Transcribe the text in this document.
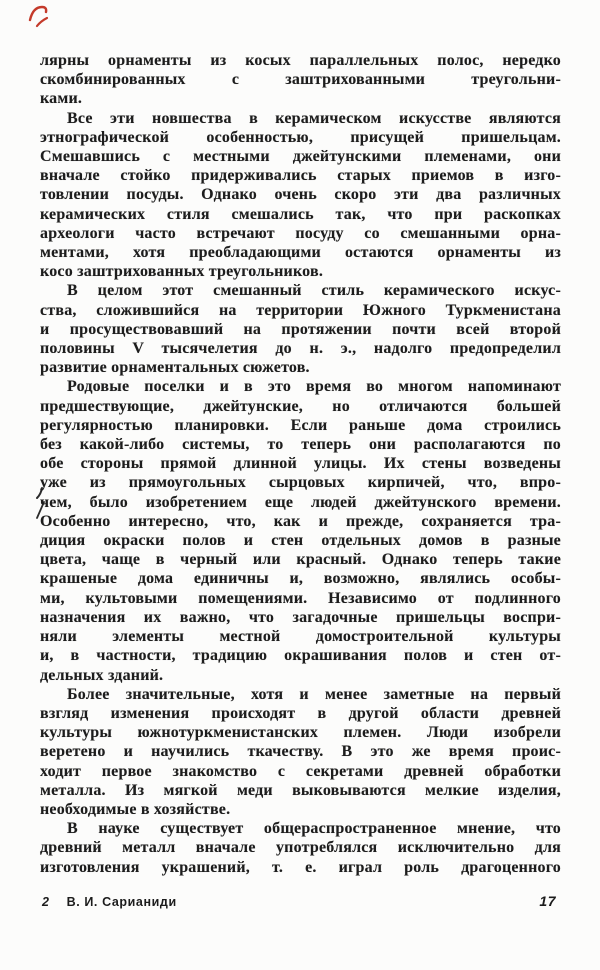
лярны орнаменты из косых параллельных полос, нередко
скомбинированных с заштрихованными треугольни-
ками.
Все эти новшества в керамическом искусстве являются
этнографической особенностью, присущей пришельцам.
Смешавшись с местными джейтунскими племенами, они
вначале стойко придерживались старых приемов в изго-
товлении посуды. Однако очень скоро эти два различных
керамических стиля смешались так, что при раскопках
археологи часто встречают посуду со смешанными орна-
ментами, хотя преобладающими остаются орнаменты из
косо заштрихованных треугольников.
В целом этот смешанный стиль керамического искус-
ства, сложившийся на территории Южного Туркменистана
и просуществовавший на протяжении почти всей второй
половины V тысячелетия до н. э., надолго предопределил
развитие орнаментальных сюжетов.
Родовые поселки и в это время во многом напоминают
предшествующие, джейтунские, но отличаются большей
регулярностью планировки. Если раньше дома строились
без какой-либо системы, то теперь они располагаются по
обе стороны прямой длинной улицы. Их стены возведены
уже из прямоугольных сырцовых кирпичей, что, впро-
чем, было изобретением еще людей джейтунского времени.
Особенно интересно, что, как и прежде, сохраняется тра-
диция окраски полов и стен отдельных домов в разные
цвета, чаще в черный или красный. Однако теперь такие
крашеные дома единичны и, возможно, являлись особы-
ми, культовыми помещениями. Независимо от подлинного
назначения их важно, что загадочные пришельцы воспри-
няли элементы местной домостроительной культуры
и, в частности, традицию окрашивания полов и стен от-
дельных зданий.
Более значительные, хотя и менее заметные на первый
взгляд изменения происходят в другой области древней
культуры южнотуркменистанских племен. Люди изобрели
веретено и научились ткачеству. В это же время проис-
ходит первое знакомство с секретами древней обработки
металла. Из мягкой меди выковываются мелкие изделия,
необходимые в хозяйстве.
В науке существует общераспространенное мнение, что
древний металл вначале употреблялся исключительно для
изготовления украшений, т. е. играл роль драгоценного
2 В. И. Сарианиди	17
